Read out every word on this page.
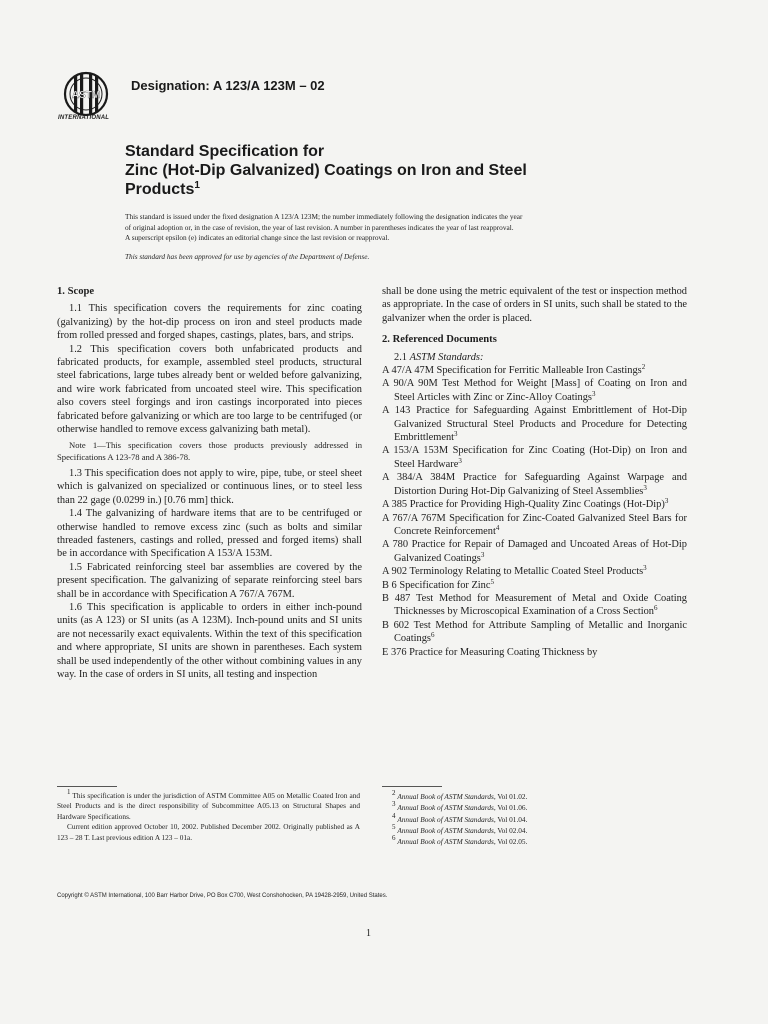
ASTM
INTERNATIONAL
Designation: A 123/A 123M – 02
Standard Specification for
Zinc (Hot-Dip Galvanized) Coatings on Iron and Steel
Products$^1$
This standard is issued under the fixed designation A 123/A 123M; the number immediately following the designation indicates the year
of original adoption or, in the case of revision, the year of last revision. A number in parentheses indicates the year of last reapproval.
A superscript epsilon (e) indicates an editorial change since the last revision or reapproval.
This standard has been approved for use by agencies of the Department of Defense.
1. Scope

1.1 This specification covers the requirements for zinc coating (galvanizing) by the hot-dip process on iron and steel products made from rolled pressed and forged shapes, castings, plates, bars, and strips.

1.2 This specification covers both unfabricated products and fabricated products, for example, assembled steel products, structural steel fabrications, large tubes already bent or welded before galvanizing, and wire work fabricated from uncoated steel wire. This specification also covers steel forgings and iron castings incorporated into pieces fabricated before galvanizing or which are too large to be centrifuged (or otherwise handled to remove excess galvanizing bath metal).

Note 1—This specification covers those products previously addressed in Specifications A 123-78 and A 386-78.

1.3 This specification does not apply to wire, pipe, tube, or steel sheet which is galvanized on specialized or continuous lines, or to steel less than 22 gage (0.0299 in.) [0.76 mm] thick.

1.4 The galvanizing of hardware items that are to be centrifuged or otherwise handled to remove excess zinc (such as bolts and similar threaded fasteners, castings and rolled, pressed and forged items) shall be in accordance with Specification A 153/A 153M.

1.5 Fabricated reinforcing steel bar assemblies are covered by the present specification. The galvanizing of separate reinforcing steel bars shall be in accordance with Specification A 767/A 767M.

1.6 This specification is applicable to orders in either inch-pound units (as A 123) or SI units (as A 123M). Inch-pound units and SI units are not necessarily exact equivalents. Within the text of this specification and where appropriate, SI units are shown in parentheses. Each system shall be used independently of the other without combining values in any way. In the case of orders in SI units, all testing and inspection

shall be done using the metric equivalent of the test or inspection method as appropriate. In the case of orders in SI units, such shall be stated to the galvanizer when the order is placed.

2. Referenced Documents
2.1 ASTM Standards:

A 47/A 47M Specification for Ferritic Malleable Iron Castings$^2$

A 90/A 90M Test Method for Weight [Mass] of Coating on Iron and Steel Articles with Zinc or Zinc-Alloy Coatings$^3$

A 143 Practice for Safeguarding Against Embrittlement of Hot-Dip Galvanized Structural Steel Products and Procedure for Detecting Embrittlement$^3$

A 153/A 153M Specification for Zinc Coating (Hot-Dip) on Iron and Steel Hardware$^3$

A 384/A 384M Practice for Safeguarding Against Warpage and Distortion During Hot-Dip Galvanizing of Steel Assemblies$^3$

A 385 Practice for Providing High-Quality Zinc Coatings $(Hot-Dip)^3$

A 767/A 767M Specification for Zinc-Coated Galvanized Steel Bars for Concrete Reinforcement$^4$

A 780 Practice for Repair of Damaged and Uncoated Areas of Hot-Dip Galvanized Coatings$^3$

A 902 Terminology Relating to Metallic Coated Steel Products$^3$

B 6 Specification for Zinc$^5$

B 487 Test Method for Measurement of Metal and Oxide Coating Thicknesses by Microscopical Examination of a Cross Section$^6$

B 602 Test Method for Attribute Sampling of Metallic and Inorganic Coatings$^6$

E 376 Practice for Measuring Coating Thickness by

$^1$ This specification is under the jurisdiction of ASTM Committee A05 on Metallic Coated Iron and Steel Products and is the direct responsibility of Subcommittee A05.13 on Structural Shapes and Hardware Specifications.

Current edition approved October 10, 2002. Published December 2002. Originally published as A 123 – 28 T. Last previous edition A 123 – 01a.

$^2$ Annual Book of ASTM Standards, Vol 01.02.
$^3$ Annual Book of ASTM Standards, Vol 01.06.
$^4$ Annual Book of ASTM Standards, Vol 01.04.
$^5$ Annual Book of ASTM Standards, Vol 02.04.
$^6$ Annual Book of ASTM Standards, Vol 02.05.
Copyright © ASTM International, 100 Barr Harbor Drive, PO Box C700, West Conshohocken, PA 19428-2959, United States.
1
